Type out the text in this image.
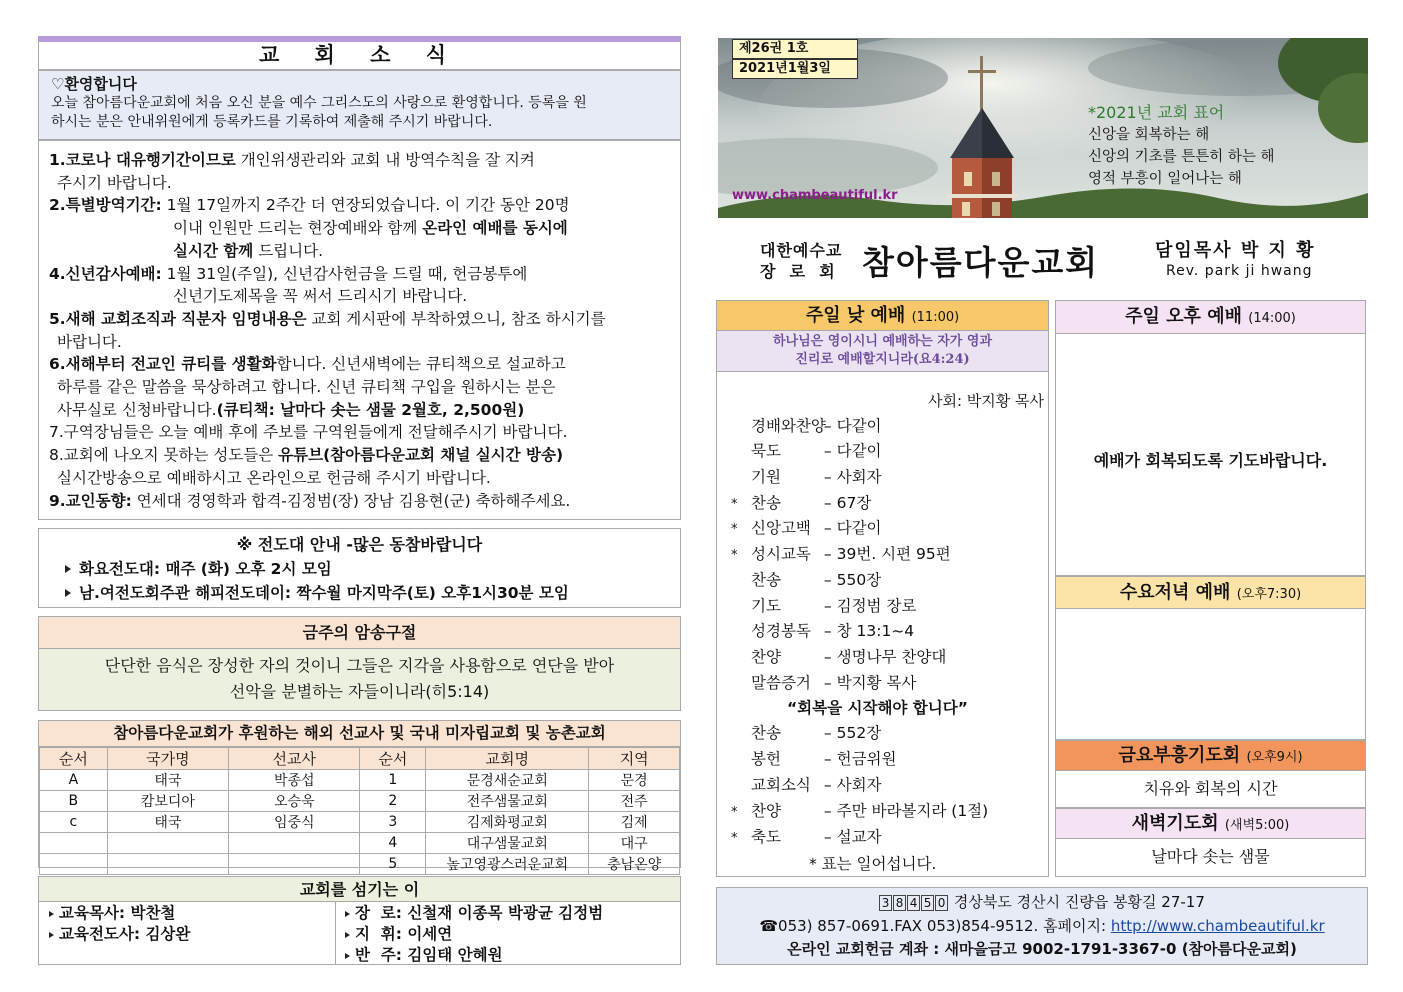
교 회 소 식
♡환영합니다
오늘 참아름다운교회에 처음 오신 분을 예수 그리스도의 사랑으로 환영합니다. 등록을 원
하시는 분은 안내위원에게 등록카드를 기록하여 제출해 주시기 바랍니다.
1.코로나 대유행기간이므로 개인위생관리와 교회 내 방역수칙을 잘 지켜
주시기 바랍니다.
2.특별방역기간: 1월 17일까지 2주간 더 연장되었습니다. 이 기간 동안 20명
이내 인원만 드리는 현장예배와 함께 온라인 예배를 동시에
실시간 함께 드립니다.
4.신년감사예배: 1월 31일(주일), 신년감사헌금을 드릴 때, 헌금봉투에
신년기도제목을 꼭 써서 드리시기 바랍니다.
5.새해 교회조직과 직분자 임명내용은 교회 게시판에 부착하였으니, 참조 하시기를
바랍니다.
6.새해부터 전교인 큐티를 생활화합니다. 신년새벽에는 큐티책으로 설교하고
하루를 같은 말씀을 묵상하려고 합니다. 신년 큐티책 구입을 원하시는 분은
사무실로 신청바랍니다.(큐티책: 날마다 솟는 샘물 2월호, 2,500원)
7.구역장님들은 오늘 예배 후에 주보를 구역원들에게 전달해주시기 바랍니다.
8.교회에 나오지 못하는 성도들은 유튜브(참아름다운교회 채널 실시간 방송)
실시간방송으로 예배하시고 온라인으로 헌금해 주시기 바랍니다.
9.교인동향: 연세대 경영학과 합격-김정범(장) 장남 김용현(군) 축하해주세요.
※ 전도대 안내 -많은 동참바랍니다
화요전도대: 매주 (화) 오후 2시 모임
남.여전도회주관 해피전도데이: 짝수월 마지막주(토) 오후1시30분 모임
금주의 암송구절
단단한 음식은 장성한 자의 것이니 그들은 지각을 사용함으로 연단을 받아
선악을 분별하는 자들이니라(히5:14)
참아름다운교회가 후원하는 해외 선교사 및 국내 미자립교회 및 농촌교회
순서	국가명	선교사	순서	교회명	지역
A	태국	박종섭	1	문경새순교회	문경
B	캄보디아	오승욱	2	전주샘물교회	전주
c	태국	임중식	3	김제화평교회	김제
			4	대구샘물교회	대구
			5	높고영광스러운교회	충남온양
교회를 섬기는 이
교육목사: 박찬철
교육전도사: 김상완
장  로: 신철재 이종목 박광균 김정범
지  휘: 이세연
반  주: 김임태 안혜원
제26권 1호
2021년1월3일
*2021년 교회 표어
신앙을 회복하는 해
신앙의 기초를 튼튼히 하는 해
영적 부흥이 일어나는 해
www.chambeautiful.kr
대한예수교
장  로  회 참아름다운교회	담임목사 박 지 황
Rev. park ji hwang
주일 낮 예배 (11:00)
하나님은 영이시니 예배하는 자가 영과
진리로 예배할지니라(요4:24)
사회: 박지황 목사
경배와찬양 – 다같이
묵도 – 다같이
기원 – 사회자
* 찬송 – 67장
* 신앙고백 – 다같이
* 성시교독 – 39번. 시편 95편
찬송 – 550장
기도 – 김정범 장로
성경봉독 – 창 13:1~4
찬양 – 생명나무 찬양대
말씀증거 – 박지황 목사
찬송 – 552장
봉헌 – 헌금위원
교회소식 – 사회자
* 찬양 – 주만 바라볼지라 (1절)
* 축도 – 설교자
“회복을 시작해야 합니다”
* 표는 일어섭니다.
주일 오후 예배 (14:00)
예배가 회복되도록 기도바랍니다.
수요저녁 예배 (오후7:30)
금요부흥기도회 (오후9시)
치유와 회복의 시간
새벽기도회 (새벽5:00)
날마다 솟는 샘물
3 8 4 5 0 경상북도 경산시 진량읍 봉황길 27-17
☎053) 857-0691.FAX 053)854-9512. 홈페이지: http://www.chambeautiful.kr
온라인 교회헌금 계좌 : 새마을금고 9002-1791-3367-0 (참아름다운교회)
